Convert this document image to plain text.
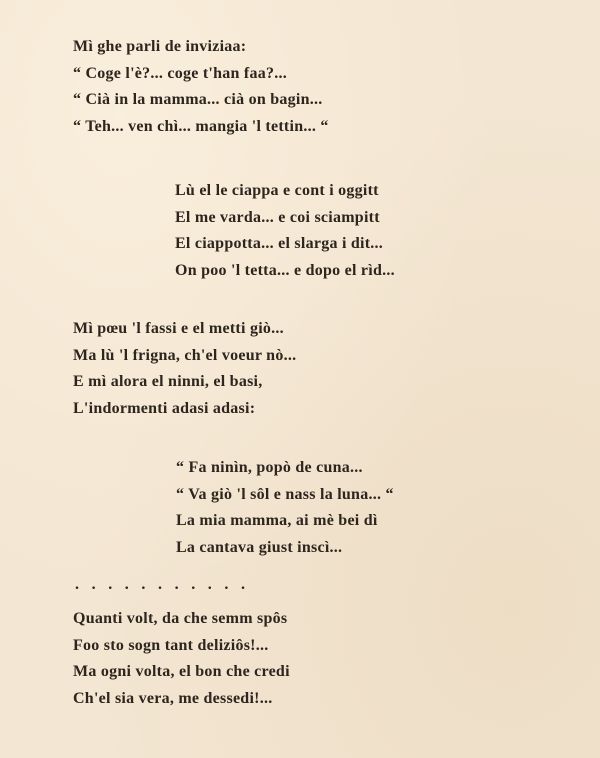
Mì ghe parli de inviziaa:
“ Coge l'è?... coge t'han faa?...
“ Cià in la mamma... cià on bagin...
“ Teh... ven chì... mangia 'l tettin... “
Lù el le ciappa e cont i oggitt
El me varda... e coi sciampitt
El ciappotta... el slarga i dit...
On poo 'l tetta... e dopo el rìd...
Mì pœu 'l fassi e el metti giò...
Ma lù 'l frigna, ch'el voeur nò...
E mì alora el ninni, el basi,
L'indormenti adasi adasi:
“ Fa ninìn, popò de cuna...
“ Va giò 'l sôl e nass la luna... “
La mia mamma, ai mè bei dì
La cantava giust inscì...
...........
Quanti volt, da che semm spôs
Foo sto sogn tant deliziôs!...
Ma ogni volta, el bon che credi
Ch'el sia vera, me dessedi!...
